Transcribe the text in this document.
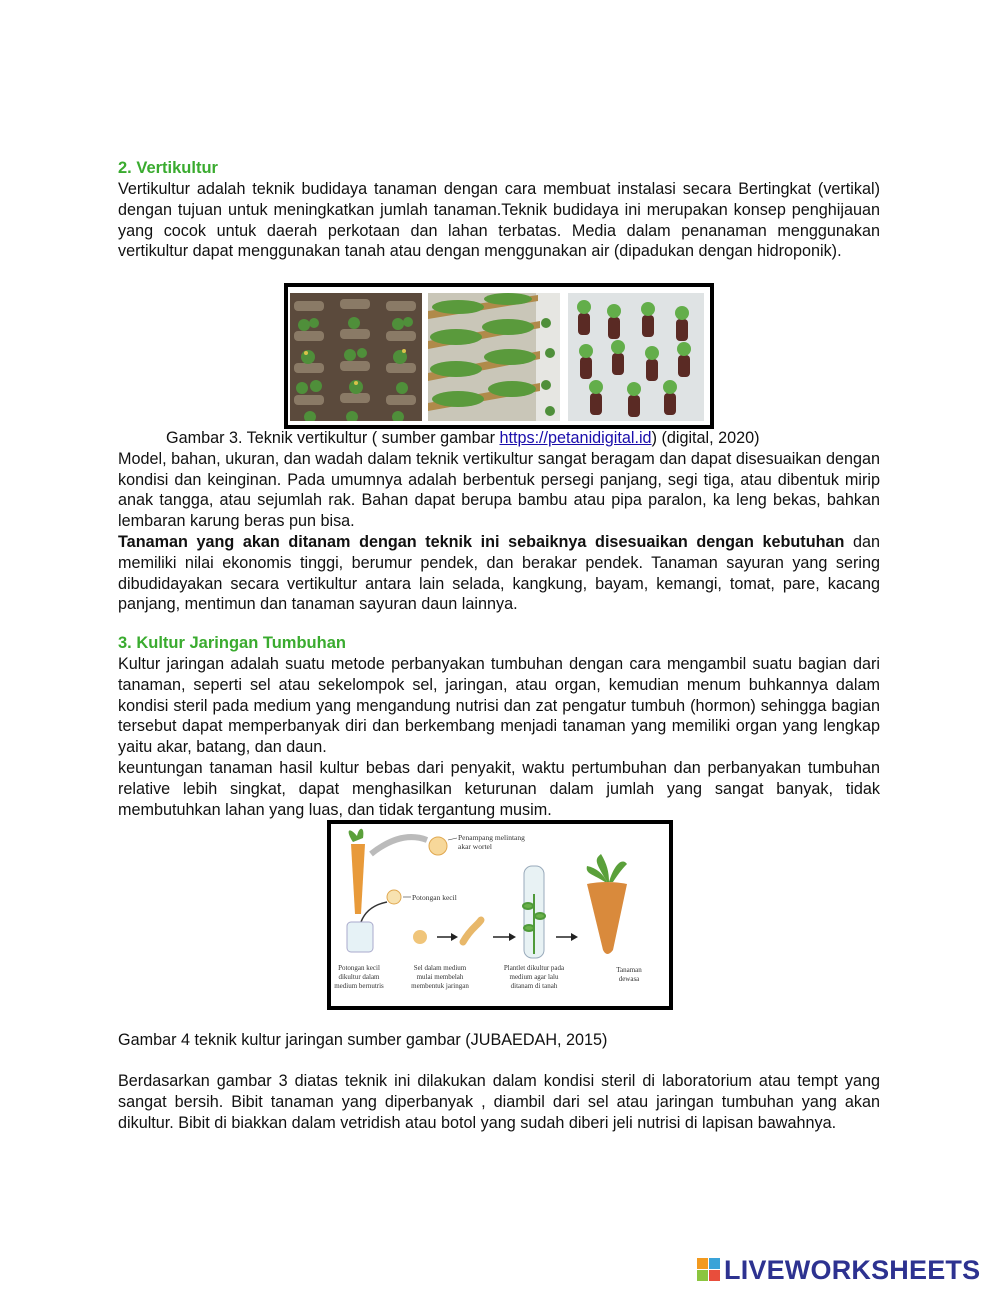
2. Vertikultur

Vertikultur adalah teknik budidaya tanaman dengan cara membuat instalasi secara Bertingkat (vertikal) dengan tujuan untuk meningkatkan jumlah tanaman.Teknik budidaya ini merupakan konsep penghijauan yang cocok untuk daerah perkotaan dan lahan terbatas. Media dalam penanaman menggunakan vertikultur dapat menggunakan tanah atau dengan menggunakan air (dipadukan dengan hidroponik).

Gambar 3. Teknik vertikultur ( sumber gambar https://petanidigital.id) (digital, 2020)

Model, bahan, ukuran, dan wadah dalam teknik vertikultur sangat beragam dan dapat disesuaikan dengan kondisi dan keinginan. Pada umumnya adalah berbentuk persegi panjang, segi tiga, atau dibentuk mirip anak tangga, atau sejumlah rak. Bahan dapat berupa bambu atau pipa paralon, ka leng bekas, bahkan lembaran karung beras pun bisa.

Tanaman yang akan ditanam dengan teknik ini sebaiknya disesuaikan dengan kebutuhan dan memiliki nilai ekonomis tinggi, berumur pendek, dan berakar pendek. Tanaman sayuran yang sering dibudidayakan secara vertikultur antara lain selada, kangkung, bayam, kemangi, tomat, pare, kacang panjang, mentimun dan tanaman sayuran daun lainnya.

3. Kultur Jaringan Tumbuhan

Kultur jaringan adalah suatu metode perbanyakan tumbuhan dengan cara mengambil suatu bagian dari tanaman, seperti sel atau sekelompok sel, jaringan, atau organ, kemudian menum buhkannya dalam kondisi steril pada medium yang mengandung nutrisi dan zat pengatur tumbuh (hormon) sehingga bagian tersebut dapat memperbanyak diri dan berkembang menjadi tanaman yang memiliki organ yang lengkap yaitu akar, batang, dan daun.

keuntungan tanaman hasil kultur bebas dari penyakit, waktu pertumbuhan dan perbanyakan tumbuhan relative lebih singkat, dapat menghasilkan keturunan dalam jumlah yang sangat banyak, tidak membutuhkan lahan yang luas, dan tidak tergantung musim.

Penampang melintang
akar wortel
Potongan kecil
Potongan kecil
dikultur dalam
medium bernutris
Sel dalam medium
mulai membelah
membentuk jaringan
Plantlet dikultur pada
medium agar lalu
ditanam di tanah
Tanaman
dewasa

Gambar 4 teknik kultur jaringan sumber gambar (JUBAEDAH, 2015)

Berdasarkan gambar 3 diatas teknik ini dilakukan dalam kondisi steril di laboratorium atau tempt yang sangat bersih. Bibit tanaman yang diperbanyak , diambil dari sel atau jaringan tumbuhan yang akan dikultur. Bibit di biakkan dalam vetridish atau botol yang sudah diberi jeli nutrisi di lapisan bawahnya.

LIVEWORKSHEETS
